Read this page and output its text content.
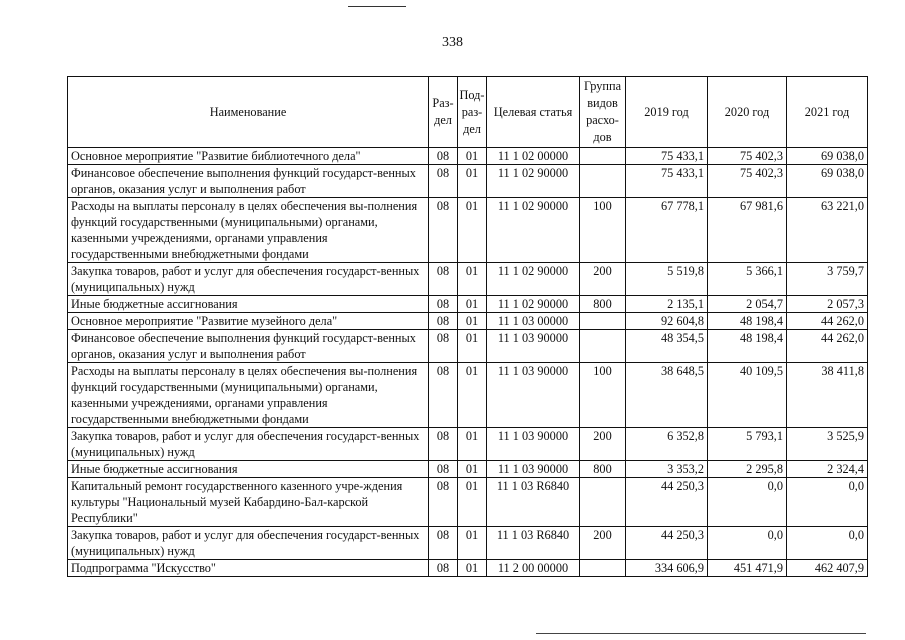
338
Наименование	Раз-дел	Под-раз-дел	Целевая статья	Группа видов расхо-дов	2019 год	2020 год	2021 год
Основное мероприятие "Развитие библиотечного дела"	08	01	11 1 02 00000		75 433,1	75 402,3	69 038,0
Финансовое обеспечение выполнения функций государст-венных органов, оказания услуг и выполнения работ	08	01	11 1 02 90000		75 433,1	75 402,3	69 038,0
Расходы на выплаты персоналу в целях обеспечения вы-полнения функций государственными (муниципальными) органами, казенными учреждениями, органами управления государственными внебюджетными фондами	08	01	11 1 02 90000	100	67 778,1	67 981,6	63 221,0
Закупка товаров, работ и услуг для обеспечения государст-венных (муниципальных) нужд	08	01	11 1 02 90000	200	5 519,8	5 366,1	3 759,7
Иные бюджетные ассигнования	08	01	11 1 02 90000	800	2 135,1	2 054,7	2 057,3
Основное мероприятие "Развитие музейного дела"	08	01	11 1 03 00000		92 604,8	48 198,4	44 262,0
Финансовое обеспечение выполнения функций государст-венных органов, оказания услуг и выполнения работ	08	01	11 1 03 90000		48 354,5	48 198,4	44 262,0
Расходы на выплаты персоналу в целях обеспечения вы-полнения функций государственными (муниципальными) органами, казенными учреждениями, органами управления государственными внебюджетными фондами	08	01	11 1 03 90000	100	38 648,5	40 109,5	38 411,8
Закупка товаров, работ и услуг для обеспечения государст-венных (муниципальных) нужд	08	01	11 1 03 90000	200	6 352,8	5 793,1	3 525,9
Иные бюджетные ассигнования	08	01	11 1 03 90000	800	3 353,2	2 295,8	2 324,4
Капитальный ремонт государственного казенного учре-ждения культуры "Национальный музей Кабардино-Бал-карской Республики"	08	01	11 1 03 R6840		44 250,3	0,0	0,0
Закупка товаров, работ и услуг для обеспечения государст-венных (муниципальных) нужд	08	01	11 1 03 R6840	200	44 250,3	0,0	0,0
Подпрограмма "Искусство"	08	01	11 2 00 00000		334 606,9	451 471,9	462 407,9
